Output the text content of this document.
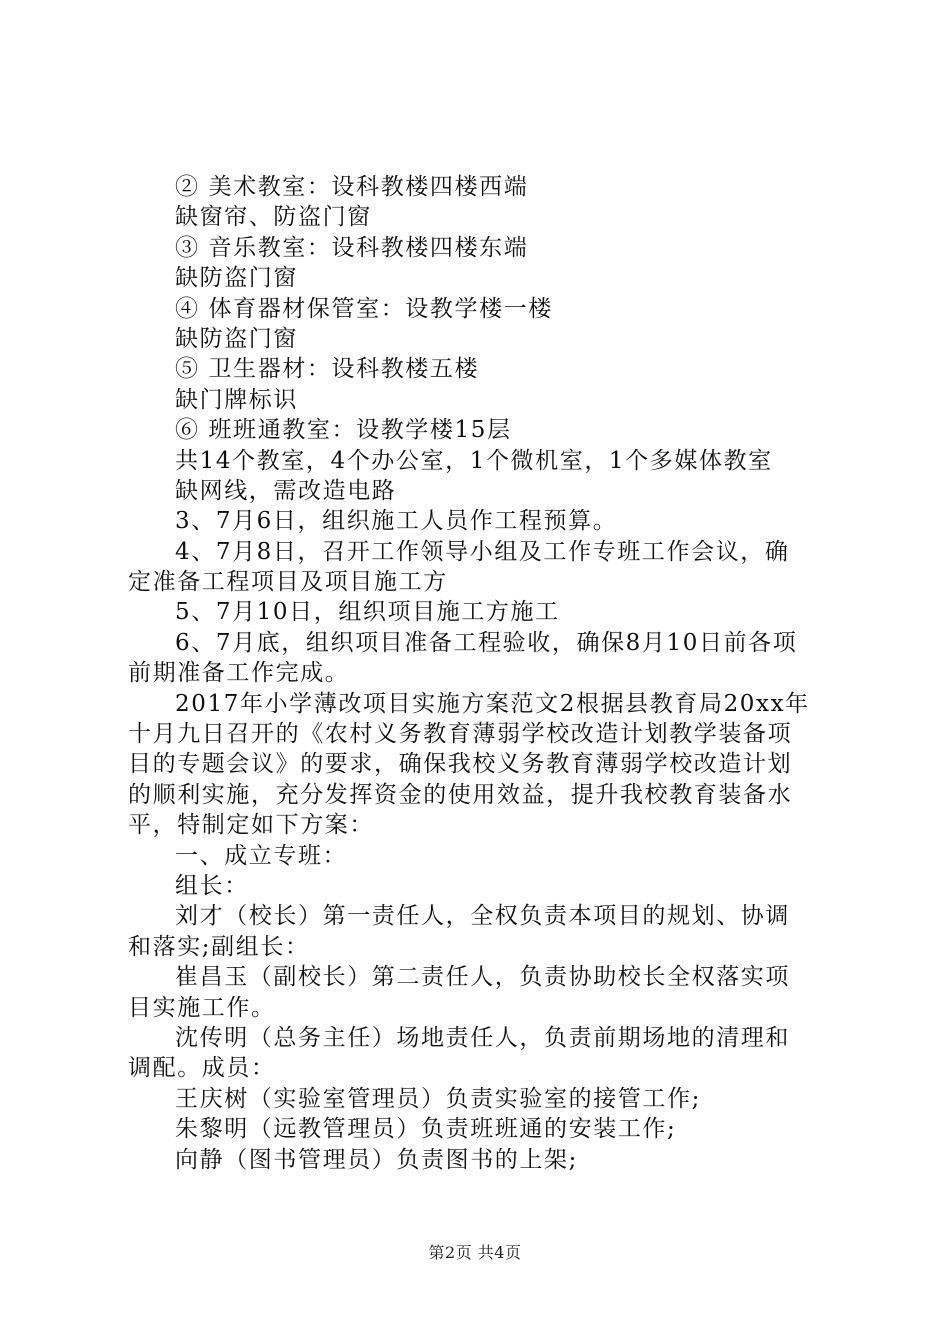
② 美术教室：设科教楼四楼西端
缺窗帘、防盗门窗
③ 音乐教室：设科教楼四楼东端
缺防盗门窗
④ 体育器材保管室：设教学楼一楼
缺防盗门窗
⑤ 卫生器材：设科教楼五楼
缺门牌标识
⑥ 班班通教室：设教学楼15层
共14个教室，4个办公室，1个微机室，1个多媒体教室
缺网线，需改造电路
3、7月6日，组织施工人员作工程预算。
4、7月8日，召开工作领导小组及工作专班工作会议，确
定准备工程项目及项目施工方
5、7月10日，组织项目施工方施工
6、7月底，组织项目准备工程验收，确保8月10日前各项
前期准备工作完成。
2017年小学薄改项目实施方案范文2根据县教育局20xx年
十月九日召开的《农村义务教育薄弱学校改造计划教学装备项
目的专题会议》的要求，确保我校义务教育薄弱学校改造计划
的顺利实施，充分发挥资金的使用效益，提升我校教育装备水
平，特制定如下方案：
一、成立专班：
组长：
刘才（校长）第一责任人，全权负责本项目的规划、协调
和落实;副组长：
崔昌玉（副校长）第二责任人，负责协助校长全权落实项
目实施工作。
沈传明（总务主任）场地责任人，负责前期场地的清理和
调配。成员：
王庆树（实验室管理员）负责实验室的接管工作;
朱黎明（远教管理员）负责班班通的安装工作;
向静（图书管理员）负责图书的上架;
第2页 共4页
